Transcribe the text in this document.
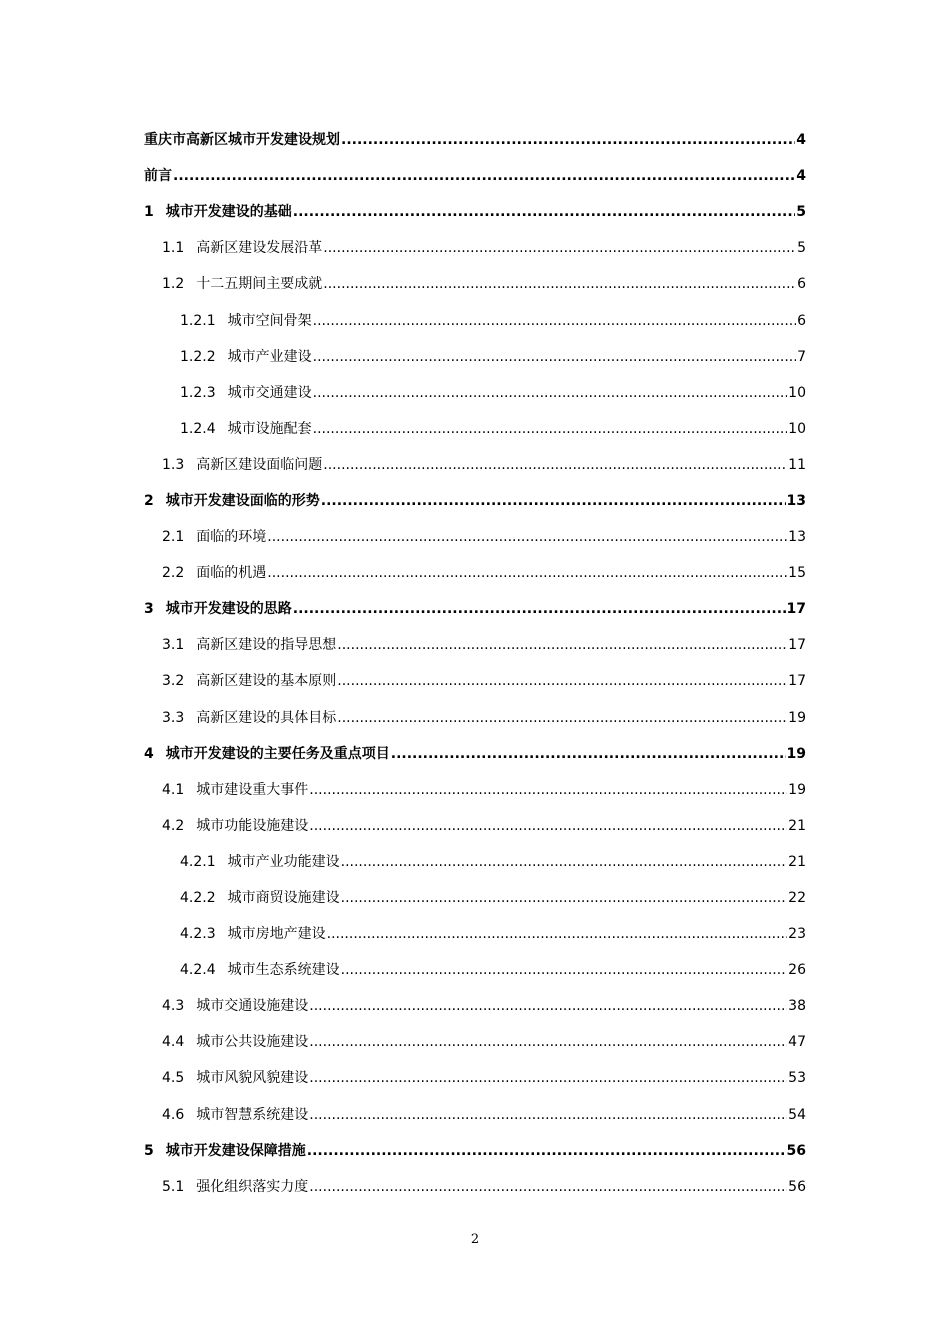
重庆市高新区城市开发建设规划 .....	4
前言 .....	4
1 城市开发建设的基础 .....	5
1.1 高新区建设发展沿革 .....	5
1.2 十二五期间主要成就 .....	6
1.2.1 城市空间骨架 .....	6
1.2.2 城市产业建设 .....	7
1.2.3 城市交通建设 .....	10
1.2.4 城市设施配套 .....	10
1.3 高新区建设面临问题 .....	11
2 城市开发建设面临的形势 .....	13
2.1 面临的环境 .....	13
2.2 面临的机遇 .....	15
3 城市开发建设的思路 .....	17
3.1 高新区建设的指导思想 .....	17
3.2 高新区建设的基本原则 .....	17
3.3 高新区建设的具体目标 .....	19
4 城市开发建设的主要任务及重点项目 .....	19
4.1 城市建设重大事件 .....	19
4.2 城市功能设施建设 .....	21
4.2.1 城市产业功能建设 .....	21
4.2.2 城市商贸设施建设 .....	22
4.2.3 城市房地产建设 .....	23
4.2.4 城市生态系统建设 .....	26
4.3 城市交通设施建设 .....	38
4.4 城市公共设施建设 .....	47
4.5 城市风貌风貌建设 .....	53
4.6 城市智慧系统建设 .....	54
5 城市开发建设保障措施 .....	56
5.1 强化组织落实力度 .....	56
2
